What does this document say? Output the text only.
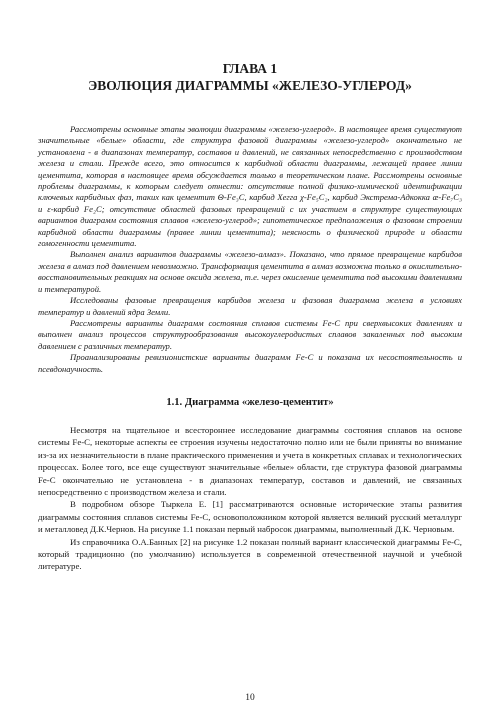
ГЛАВА 1
ЭВОЛЮЦИЯ ДИАГРАММЫ «ЖЕЛЕЗО-УГЛЕРОД»

Рассмотрены основные этапы эволюции диаграммы «железо-углерод». В настоящее время существуют значительные «белые» области, где структура фазовой диаграммы «железо-углерод» окончательно не установлена - в диапазонах температур, составов и давлений, не связанных непосредственно с производством железа и стали. Прежде всего, это относится к карбидной области диаграммы, лежащей правее линии цементита, которая в настоящее время обсуждается только в теоретическом плане. Рассмотрены основные проблемы диаграммы, к которым следует отнести: отсутствие полной физико-химической идентификации ключевых карбидных фаз, таких как цементит Θ-Fe₃C, карбид Хегга χ-Fe₅C₂, карбид Экстрема-Адкокка æ-Fe₇C₃ и ε-карбид Fe₂C; отсутствие областей фазовых превращений с их участием в структуре существующих вариантов диаграмм состояния сплавов «железо-углерод»; гипотетическое предположения о фазовом строении карбидной области диаграммы (правее линии цементита); неясность о физической природе и области гомогенности цементита.

Выполнен анализ вариантов диаграммы «железо-алмаз». Показано, что прямое превращение карбидов железа в алмаз под давлением невозможно. Трансформация цементита в алмаз возможна только в окислительно-восстановительных реакциях на основе оксида железа, т.е. через окисление цементита под высокими давлениями и температурой.

Исследованы фазовые превращения карбидов железа и фазовая диаграмма железа в условиях температур и давлений ядра Земли.

Рассмотрены варианты диаграмм состояния сплавов системы Fe-C при сверхвысоких давлениях и выполнен анализ процессов структурообразования высокоуглеродистых сплавов закаленных под высоким давлением с различных температур.

Проанализированы ревизионистские варианты диаграмм Fe-C и показана их несостоятельность и псевдонаучность.

1.1. Диаграмма «железо-цементит»

Несмотря на тщательное и всестороннее исследование диаграммы состояния сплавов на основе системы Fe-C, некоторые аспекты ее строения изучены недостаточно полно или не были приняты во внимание из-за их незначительности в плане практического применения и учета в конкретных сплавах и технологических процессах. Более того, все еще существуют значительные «белые» области, где структура фазовой диаграммы Fe-C окончательно не установлена - в диапазонах температур, составов и давлений, не связанных непосредственно с производством железа и стали.

В подробном обзоре Тыркела Е. [1] рассматриваются основные исторические этапы развития диаграммы состояния сплавов системы Fe-C, основоположником которой является великий русский металлург и металловед Д.К.Чернов. На рисунке 1.1 показан первый набросок диаграммы, выполненный Д.К. Черновым.

Из справочника О.А.Банных [2] на рисунке 1.2 показан полный вариант классической диаграммы Fe-C, который традиционно (по умолчанию) используется в современной отечественной научной и учебной литературе.

10
